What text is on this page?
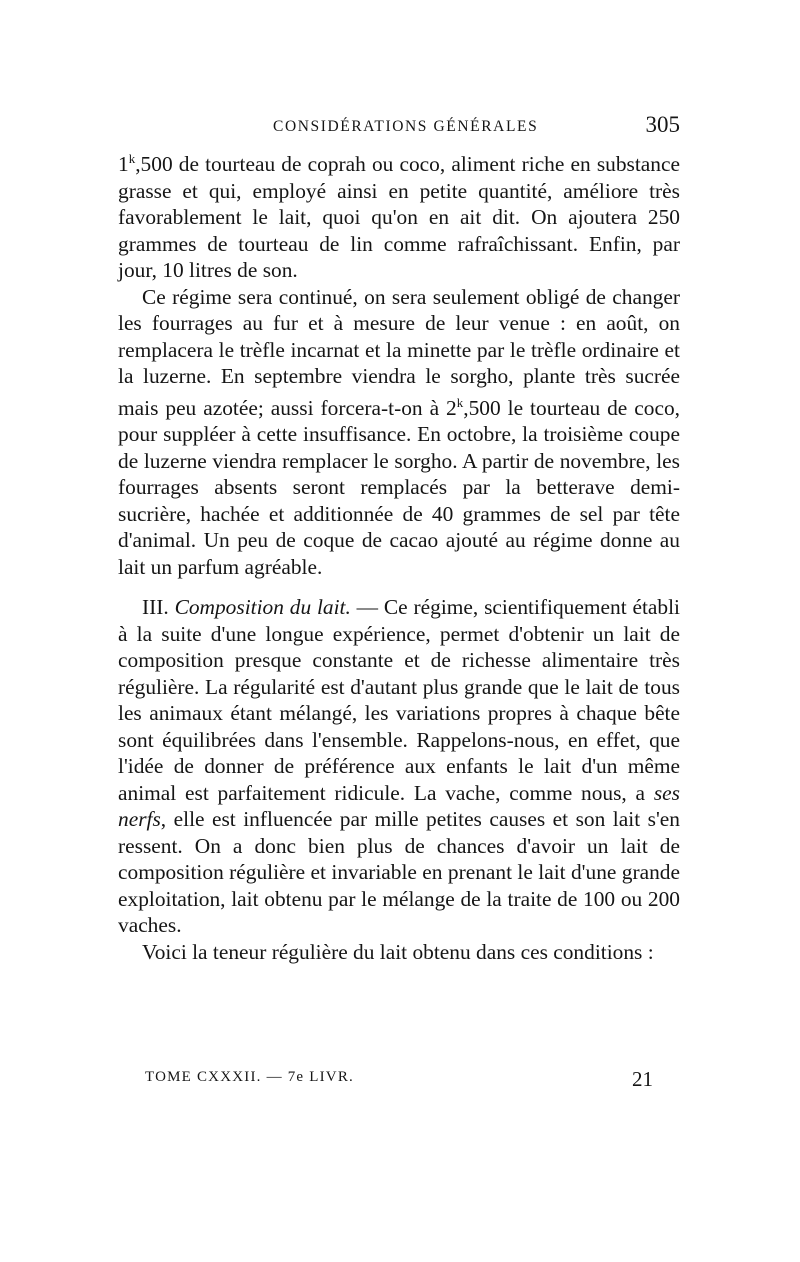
CONSIDÉRATIONS GÉNÉRALES	305

1$^k$,500 de tourteau de coprah ou coco, aliment riche en substance grasse et qui, employé ainsi en petite quantité, améliore très favorablement le lait, quoi qu'on en ait dit. On ajoutera 250 grammes de tourteau de lin comme rafraîchissant. Enfin, par jour, 10 litres de son.

Ce régime sera continué, on sera seulement obligé de changer les fourrages au fur et à mesure de leur venue : en août, on remplacera le trèfle incarnat et la minette par le trèfle ordinaire et la luzerne. En septembre viendra le sorgho, plante très sucrée mais peu azotée; aussi forcera-t-on à 2$^k$,500 le tourteau de coco, pour suppléer à cette insuffisance. En octobre, la troisième coupe de luzerne viendra remplacer le sorgho. A partir de novembre, les fourrages absents seront remplacés par la betterave demi-sucrière, hachée et additionnée de 40 grammes de sel par tête d'animal. Un peu de coque de cacao ajouté au régime donne au lait un parfum agréable.

III. Composition du lait. — Ce régime, scientifiquement établi à la suite d'une longue expérience, permet d'obtenir un lait de composition presque constante et de richesse alimentaire très régulière. La régularité est d'autant plus grande que le lait de tous les animaux étant mélangé, les variations propres à chaque bête sont équilibrées dans l'ensemble. Rappelons-nous, en effet, que l'idée de donner de préférence aux enfants le lait d'un même animal est parfaitement ridicule. La vache, comme nous, a ses nerfs, elle est influencée par mille petites causes et son lait s'en ressent. On a donc bien plus de chances d'avoir un lait de composition régulière et invariable en prenant le lait d'une grande exploitation, lait obtenu par le mélange de la traite de 100 ou 200 vaches.

Voici la teneur régulière du lait obtenu dans ces conditions :

TOME CXXXII. — 7e LIVR.	21
